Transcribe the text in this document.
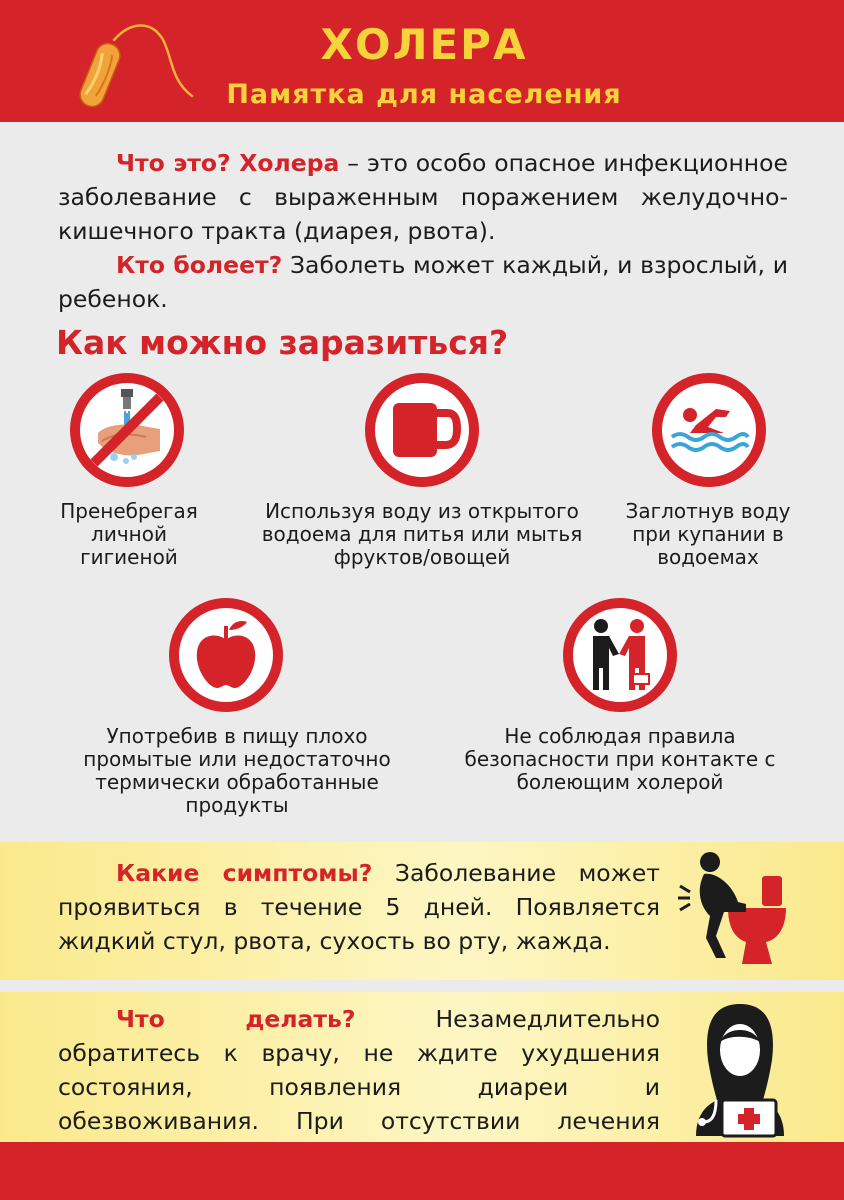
ХОЛЕРА
Памятка для населения

Что это? Холера – это особо опасное инфекционное заболевание с выраженным поражением желудочно-кишечного тракта (диарея, рвота).

Кто болеет? Заболеть может каждый, и взрослый, и ребенок.

Как можно заразиться?
Пренебрегая личной гигиеной
Используя воду из открытого водоема для питья или мытья фруктов/овощей
Заглотнув воду при купании в водоемах
Употребив в пищу плохо промытые или недостаточно термически обработанные продукты
Не соблюдая правила безопасности при контакте с болеющим холерой
Какие симптомы? Заболевание может проявиться в течение 5 дней. Появляется жидкий стул, рвота, сухость во рту, жажда.
Что делать?	Незамедлительно обратитесь к врачу, не ждите ухудшения состояния, появления диареи и обезвоживания. При отсутствии лечения
